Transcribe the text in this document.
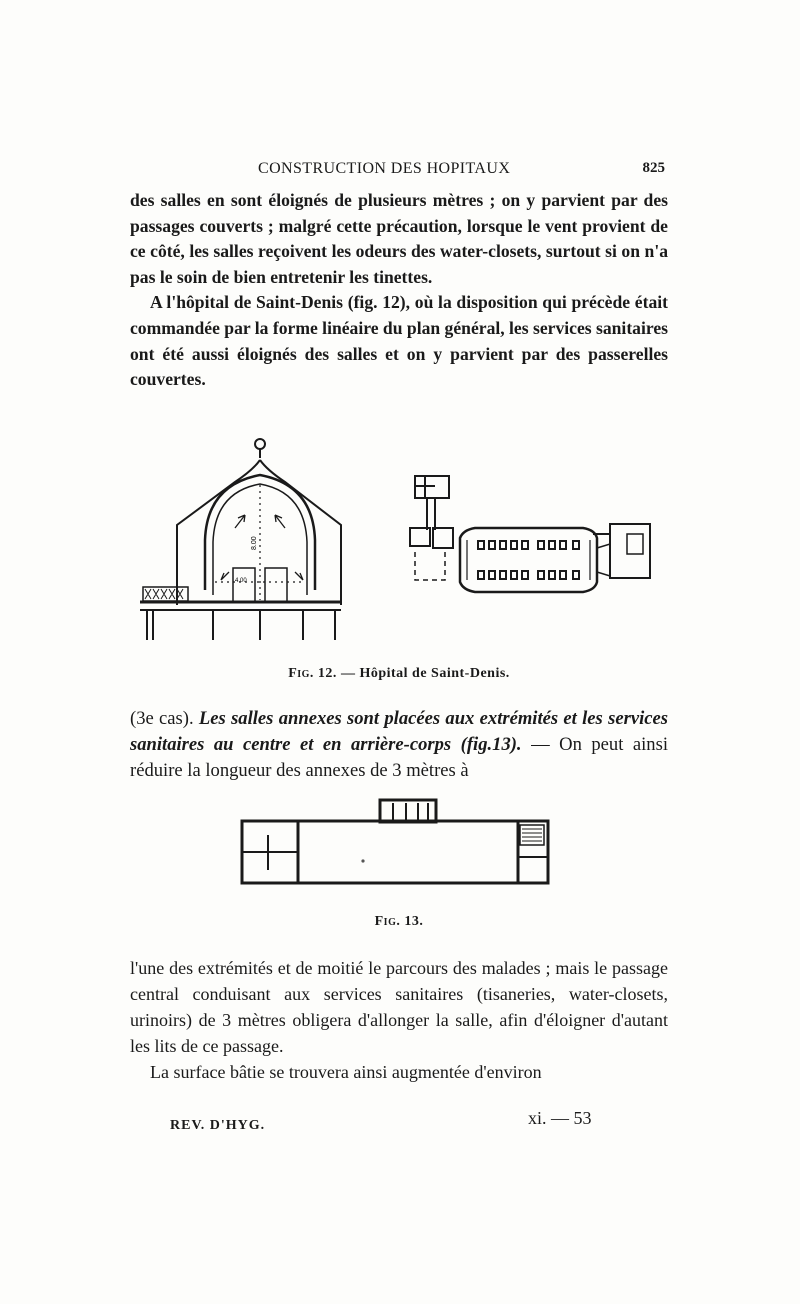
CONSTRUCTION DES HOPITAUX	825

des salles en sont éloignés de plusieurs mètres ; on y parvient par des passages couverts ; malgré cette précaution, lorsque le vent provient de ce côté, les salles reçoivent les odeurs des water-closets, surtout si on n'a pas le soin de bien entretenir les tinettes.

A l'hôpital de Saint-Denis (fig. 12), où la disposition qui précède était commandée par la forme linéaire du plan général, les services sanitaires ont été aussi éloignés des salles et on y parvient par des passerelles couvertes.

8.00
4.00
Fig. 12. — Hôpital de Saint-Denis.

(3e cas). Les salles annexes sont placées aux extrémités et les services sanitaires au centre et en arrière-corps (fig.13). — On peut ainsi réduire la longueur des annexes de 3 mètres à

Fig. 13.

l'une des extrémités et de moitié le parcours des malades ; mais le passage central conduisant aux services sanitaires (tisaneries, water-closets, urinoirs) de 3 mètres obligera d'allonger la salle, afin d'éloigner d'autant les lits de ce passage.

La surface bâtie se trouvera ainsi augmentée d'environ

REV. D'HYG.	xi. — 53
